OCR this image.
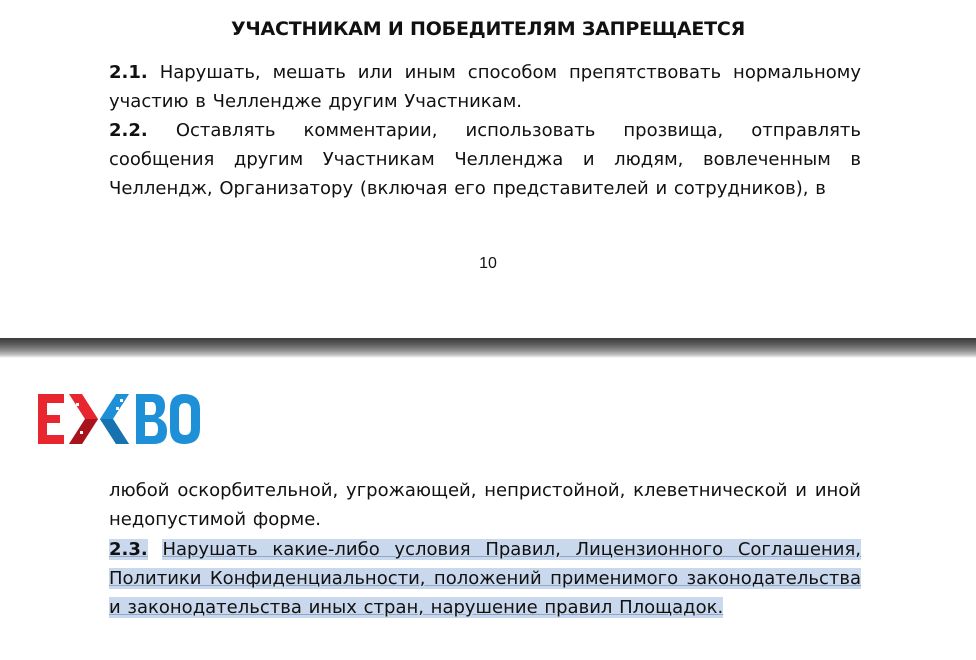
УЧАСТНИКАМ И ПОБЕДИТЕЛЯМ ЗАПРЕЩАЕТСЯ
2.1. Нарушать, мешать или иным способом препятствовать нормальному участию в Челлендже другим Участникам.
2.2. Оставлять комментарии, использовать прозвища, отправлять сообщения другим Участникам Челленджа и людям, вовлеченным в Челлендж, Организатору (включая его представителей и сотрудников), в
10
любой оскорбительной, угрожающей, непристойной, клеветнической и иной недопустимой форме.
2.3. Нарушать какие-либо условия Правил, Лицензионного Соглашения, Политики Конфиденциальности, положений применимого законодательства и законодательства иных стран, нарушение правил Площадок.
